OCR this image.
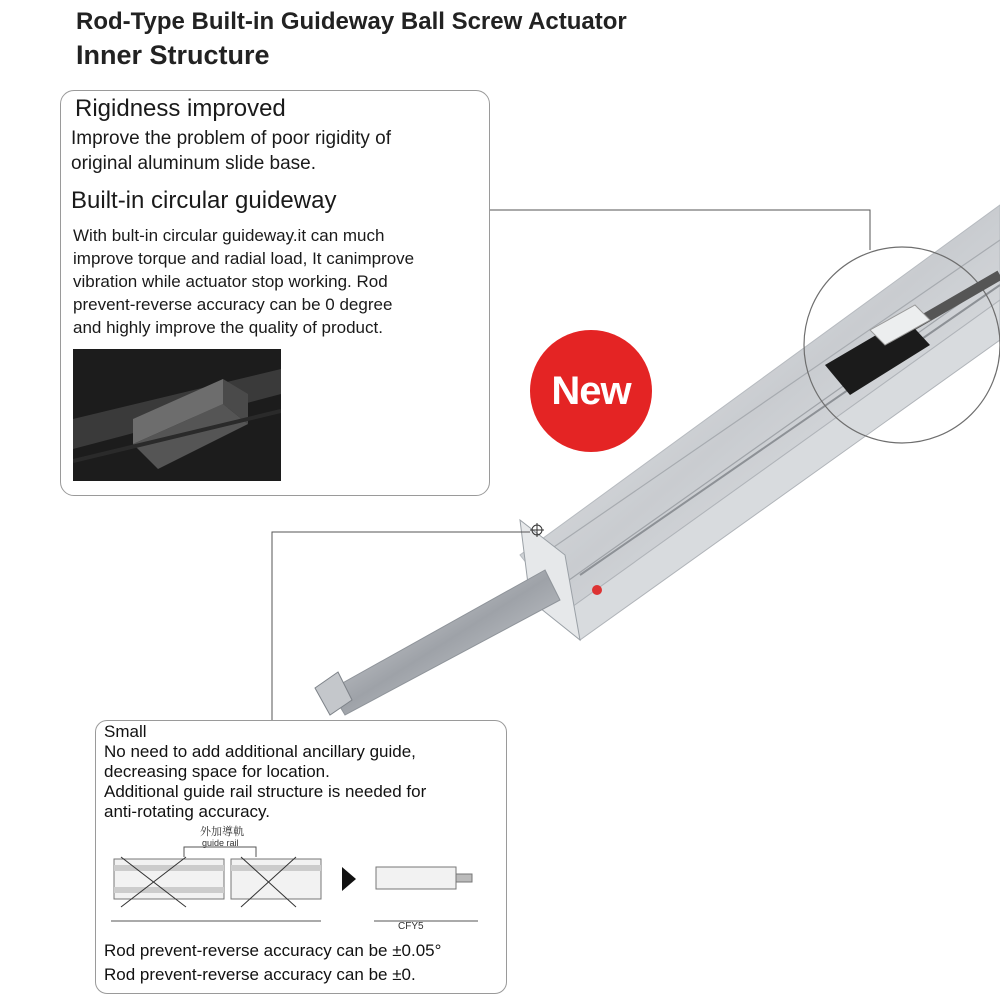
Rod-Type Built-in Guideway Ball Screw Actuator
Inner Structure
New
Rigidness improved
Improve the problem of poor rigidity of
original aluminum slide base.
Built-in circular guideway
With bult-in circular guideway.it can much
improve torque and radial load, It canimprove
vibration while actuator stop working. Rod
prevent-reverse accuracy can be 0 degree
and highly improve the quality of product.
Small
No need to add additional ancillary guide,
decreasing space for location.
Additional guide rail structure is needed for
anti-rotating accuracy.
外加導軌
guide rail
CFY5
Rod prevent-reverse accuracy can be ±0.05°
Rod prevent-reverse accuracy can be ±0.
